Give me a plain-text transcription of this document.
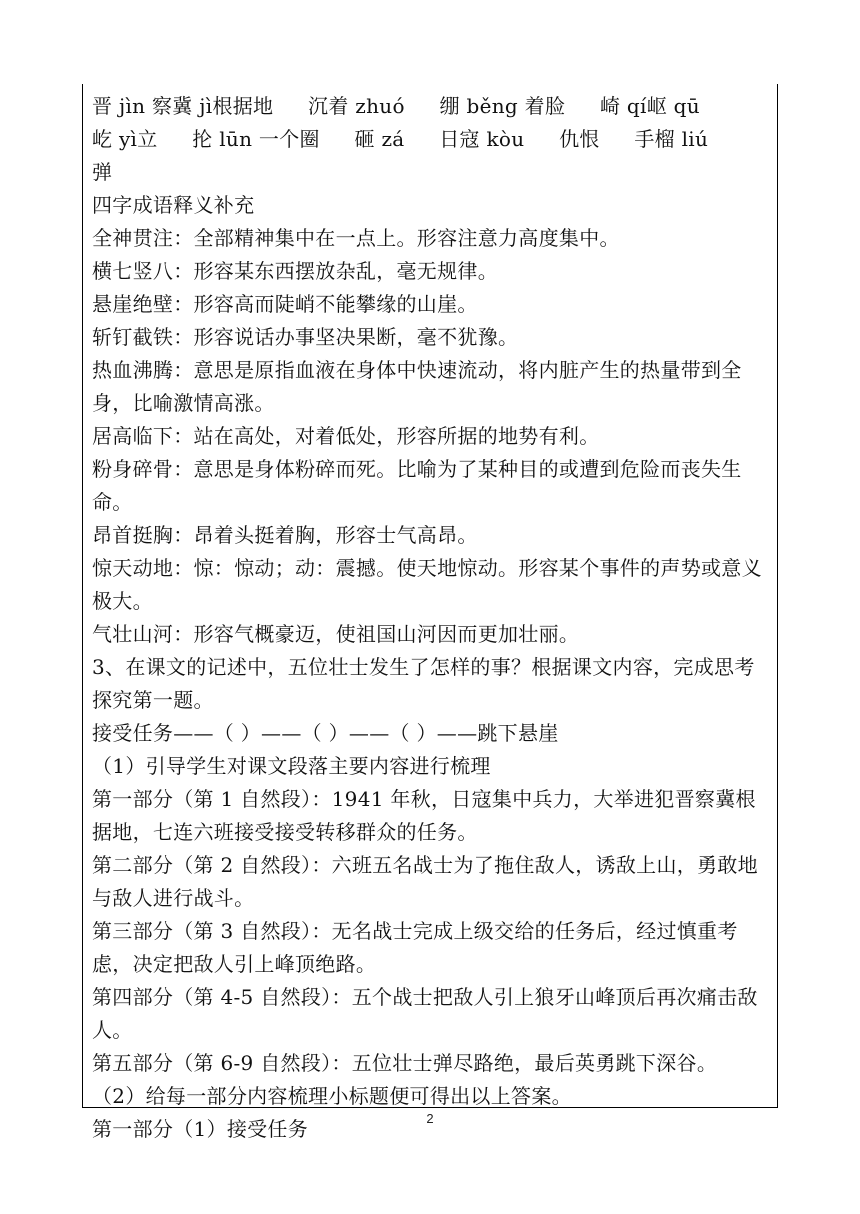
晋 jìn 察冀 jì根据地 沉着 zhuó 绷 běng 着脸 崎 qí岖 qū
屹 yì立 抡 lūn 一个圈 砸 zá 日寇 kòu 仇恨 手榴 liú
弹
四字成语释义补充
全神贯注：全部精神集中在一点上。形容注意力高度集中。
横七竖八：形容某东西摆放杂乱，毫无规律。
悬崖绝壁：形容高而陡峭不能攀缘的山崖。
斩钉截铁：形容说话办事坚决果断，毫不犹豫。
热血沸腾：意思是原指血液在身体中快速流动，将内脏产生的热量带到全身，比喻激情高涨。
居高临下：站在高处，对着低处，形容所据的地势有利。
粉身碎骨：意思是身体粉碎而死。比喻为了某种目的或遭到危险而丧失生命。
昂首挺胸：昂着头挺着胸，形容士气高昂。
惊天动地：惊：惊动；动：震撼。使天地惊动。形容某个事件的声势或意义极大。
气壮山河：形容气概豪迈，使祖国山河因而更加壮丽。
3、在课文的记述中，五位壮士发生了怎样的事？根据课文内容，完成思考探究第一题。
接受任务——（ ）——（ ）——（ ）——跳下悬崖
（1）引导学生对课文段落主要内容进行梳理
第一部分（第 1 自然段）：1941 年秋，日寇集中兵力，大举进犯晋察冀根据地，七连六班接受接受转移群众的任务。
第二部分（第 2 自然段）：六班五名战士为了拖住敌人，诱敌上山，勇敢地与敌人进行战斗。
第三部分（第 3 自然段）：无名战士完成上级交给的任务后，经过慎重考虑，决定把敌人引上峰顶绝路。
第四部分（第 4-5 自然段）：五个战士把敌人引上狼牙山峰顶后再次痛击敌人。
第五部分（第 6-9 自然段）：五位壮士弹尽路绝，最后英勇跳下深谷。
（2）给每一部分内容梳理小标题便可得出以上答案。
第一部分（1）接受任务	2
